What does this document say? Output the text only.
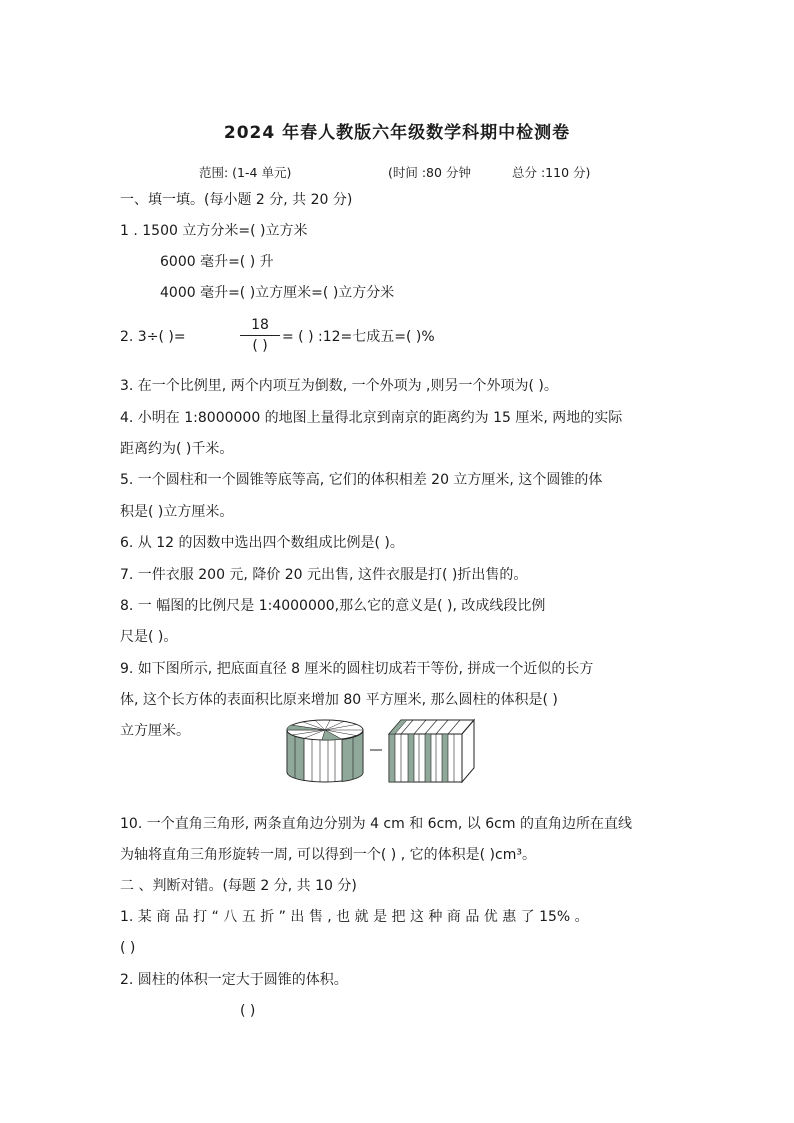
2024 年春人教版六年级数学科期中检测卷
范围: (1-4 单元)	(时间 :80 分钟	总分 :110 分)
一、填一填。(每小题 2 分, 共 20 分)
1 . 1500 立方分米=( )立方米
6000 毫升=( ) 升
4000 毫升=( )立方厘米=( )立方分米
2. 3÷( )=
18
( )
= ( ) :12=七成五=( )%
3. 在一个比例里, 两个内项互为倒数, 一个外项为 ,则另一个外项为( )。
4. 小明在 1:8000000 的地图上量得北京到南京的距离约为 15 厘米, 两地的实际
距离约为( )千米。
5. 一个圆柱和一个圆锥等底等高, 它们的体积相差 20 立方厘米, 这个圆锥的体
积是( )立方厘米。
6. 从 12 的因数中选出四个数组成比例是( )。
7. 一件衣服 200 元, 降价 20 元出售, 这件衣服是打( )折出售的。
8. 一 幅图的比例尺是 1:4000000,那么它的意义是( ), 改成线段比例
尺是( )。
9. 如下图所示, 把底面直径 8 厘米的圆柱切成若干等份, 拼成一个近似的长方
体, 这个长方体的表面积比原来增加 80 平方厘米, 那么圆柱的体积是( )
立方厘米。
10. 一个直角三角形, 两条直角边分别为 4 cm 和 6cm, 以 6cm 的直角边所在直线
为轴将直角三角形旋转一周, 可以得到一个( ) , 它的体积是( )cm³。
二 、判断对错。(每题 2 分, 共 10 分)
1. 某 商 品 打 “ 八 五 折 ” 出 售 , 也 就 是 把 这 种 商 品 优 惠 了 15% 。
( )
2. 圆柱的体积一定大于圆锥的体积。
( )
